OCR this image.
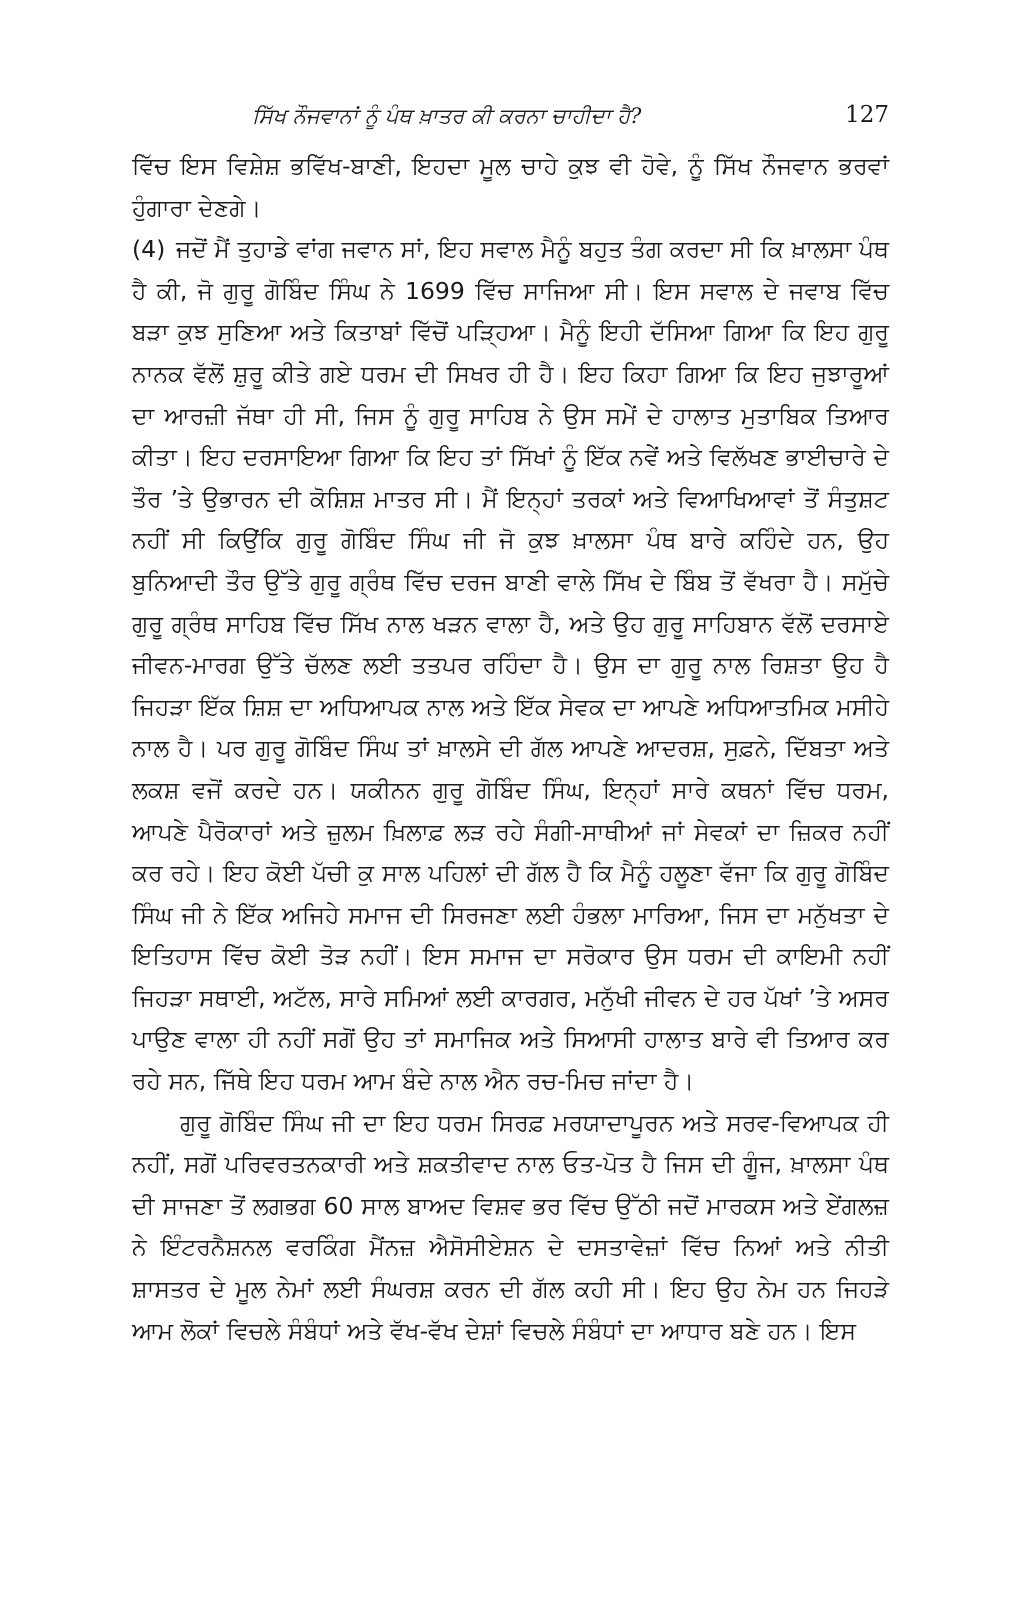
ਸਿੱਖ ਨੌਜਵਾਨਾਂ ਨੂੰ ਪੰਥ ਖ਼ਾਤਰ ਕੀ ਕਰਨਾ ਚਾਹੀਦਾ ਹੈ?	127

ਵਿੱਚ ਇਸ ਵਿਸ਼ੇਸ਼ ਭਵਿੱਖ-ਬਾਣੀ, ਇਹਦਾ ਮੂਲ ਚਾਹੇ ਕੁਝ ਵੀ ਹੋਵੇ, ਨੂੰ ਸਿੱਖ ਨੌਜਵਾਨ ਭਰਵਾਂ ਹੁੰਗਾਰਾ ਦੇਣਗੇ।

(4) ਜਦੋਂ ਮੈਂ ਤੁਹਾਡੇ ਵਾਂਗ ਜਵਾਨ ਸਾਂ, ਇਹ ਸਵਾਲ ਮੈਨੂੰ ਬਹੁਤ ਤੰਗ ਕਰਦਾ ਸੀ ਕਿ ਖ਼ਾਲਸਾ ਪੰਥ ਹੈ ਕੀ, ਜੋ ਗੁਰੂ ਗੋਬਿੰਦ ਸਿੰਘ ਨੇ 1699 ਵਿੱਚ ਸਾਜਿਆ ਸੀ। ਇਸ ਸਵਾਲ ਦੇ ਜਵਾਬ ਵਿੱਚ ਬੜਾ ਕੁਝ ਸੁਣਿਆ ਅਤੇ ਕਿਤਾਬਾਂ ਵਿੱਚੋਂ ਪੜ੍ਹਿਆ। ਮੈਨੂੰ ਇਹੀ ਦੱਸਿਆ ਗਿਆ ਕਿ ਇਹ ਗੁਰੂ ਨਾਨਕ ਵੱਲੋਂ ਸ਼ੁਰੂ ਕੀਤੇ ਗਏ ਧਰਮ ਦੀ ਸਿਖਰ ਹੀ ਹੈ। ਇਹ ਕਿਹਾ ਗਿਆ ਕਿ ਇਹ ਜੁਝਾਰੂਆਂ ਦਾ ਆਰਜ਼ੀ ਜੱਥਾ ਹੀ ਸੀ, ਜਿਸ ਨੂੰ ਗੁਰੂ ਸਾਹਿਬ ਨੇ ਉਸ ਸਮੇਂ ਦੇ ਹਾਲਾਤ ਮੁਤਾਬਿਕ ਤਿਆਰ ਕੀਤਾ। ਇਹ ਦਰਸਾਇਆ ਗਿਆ ਕਿ ਇਹ ਤਾਂ ਸਿੱਖਾਂ ਨੂੰ ਇੱਕ ਨਵੇਂ ਅਤੇ ਵਿਲੱਖਣ ਭਾਈਚਾਰੇ ਦੇ ਤੌਰ ’ਤੇ ਉਭਾਰਨ ਦੀ ਕੋਸ਼ਿਸ਼ ਮਾਤਰ ਸੀ। ਮੈਂ ਇਨ੍ਹਾਂ ਤਰਕਾਂ ਅਤੇ ਵਿਆਖਿਆਵਾਂ ਤੋਂ ਸੰਤੁਸ਼ਟ ਨਹੀਂ ਸੀ ਕਿਉਂਕਿ ਗੁਰੂ ਗੋਬਿੰਦ ਸਿੰਘ ਜੀ ਜੋ ਕੁਝ ਖ਼ਾਲਸਾ ਪੰਥ ਬਾਰੇ ਕਹਿੰਦੇ ਹਨ, ਉਹ ਬੁਨਿਆਦੀ ਤੌਰ ਉੱਤੇ ਗੁਰੂ ਗ੍ਰੰਥ ਵਿੱਚ ਦਰਜ ਬਾਣੀ ਵਾਲੇ ਸਿੱਖ ਦੇ ਬਿੰਬ ਤੋਂ ਵੱਖਰਾ ਹੈ। ਸਮੁੱਚੇ ਗੁਰੂ ਗ੍ਰੰਥ ਸਾਹਿਬ ਵਿੱਚ ਸਿੱਖ ਨਾਲ ਖੜਨ ਵਾਲਾ ਹੈ, ਅਤੇ ਉਹ ਗੁਰੂ ਸਾਹਿਬਾਨ ਵੱਲੋਂ ਦਰਸਾਏ ਜੀਵਨ-ਮਾਰਗ ਉੱਤੇ ਚੱਲਣ ਲਈ ਤਤਪਰ ਰਹਿੰਦਾ ਹੈ। ਉਸ ਦਾ ਗੁਰੂ ਨਾਲ ਰਿਸ਼ਤਾ ਉਹ ਹੈ ਜਿਹੜਾ ਇੱਕ ਸ਼ਿਸ਼ ਦਾ ਅਧਿਆਪਕ ਨਾਲ ਅਤੇ ਇੱਕ ਸੇਵਕ ਦਾ ਆਪਣੇ ਅਧਿਆਤਮਿਕ ਮਸੀਹੇ ਨਾਲ ਹੈ। ਪਰ ਗੁਰੂ ਗੋਬਿੰਦ ਸਿੰਘ ਤਾਂ ਖ਼ਾਲਸੇ ਦੀ ਗੱਲ ਆਪਣੇ ਆਦਰਸ਼, ਸੁਫ਼ਨੇ, ਦਿੱਬਤਾ ਅਤੇ ਲਕਸ਼ ਵਜੋਂ ਕਰਦੇ ਹਨ। ਯਕੀਨਨ ਗੁਰੂ ਗੋਬਿੰਦ ਸਿੰਘ, ਇਨ੍ਹਾਂ ਸਾਰੇ ਕਥਨਾਂ ਵਿੱਚ ਧਰਮ, ਆਪਣੇ ਪੈਰੋਕਾਰਾਂ ਅਤੇ ਜ਼ੁਲਮ ਖ਼ਿਲਾਫ਼ ਲੜ ਰਹੇ ਸੰਗੀ-ਸਾਥੀਆਂ ਜਾਂ ਸੇਵਕਾਂ ਦਾ ਜ਼ਿਕਰ ਨਹੀਂ ਕਰ ਰਹੇ। ਇਹ ਕੋਈ ਪੱਚੀ ਕੁ ਸਾਲ ਪਹਿਲਾਂ ਦੀ ਗੱਲ ਹੈ ਕਿ ਮੈਨੂੰ ਹਲੂਣਾ ਵੱਜਾ ਕਿ ਗੁਰੂ ਗੋਬਿੰਦ ਸਿੰਘ ਜੀ ਨੇ ਇੱਕ ਅਜਿਹੇ ਸਮਾਜ ਦੀ ਸਿਰਜਣਾ ਲਈ ਹੰਭਲਾ ਮਾਰਿਆ, ਜਿਸ ਦਾ ਮਨੁੱਖਤਾ ਦੇ ਇਤਿਹਾਸ ਵਿੱਚ ਕੋਈ ਤੋੜ ਨਹੀਂ। ਇਸ ਸਮਾਜ ਦਾ ਸਰੋਕਾਰ ਉਸ ਧਰਮ ਦੀ ਕਾਇਮੀ ਨਹੀਂ ਜਿਹੜਾ ਸਥਾਈ, ਅਟੱਲ, ਸਾਰੇ ਸਮਿਆਂ ਲਈ ਕਾਰਗਰ, ਮਨੁੱਖੀ ਜੀਵਨ ਦੇ ਹਰ ਪੱਖਾਂ ’ਤੇ ਅਸਰ ਪਾਉਣ ਵਾਲਾ ਹੀ ਨਹੀਂ ਸਗੋਂ ਉਹ ਤਾਂ ਸਮਾਜਿਕ ਅਤੇ ਸਿਆਸੀ ਹਾਲਾਤ ਬਾਰੇ ਵੀ ਤਿਆਰ ਕਰ ਰਹੇ ਸਨ, ਜਿੱਥੇ ਇਹ ਧਰਮ ਆਮ ਬੰਦੇ ਨਾਲ ਐਨ ਰਚ-ਮਿਚ ਜਾਂਦਾ ਹੈ।

ਗੁਰੂ ਗੋਬਿੰਦ ਸਿੰਘ ਜੀ ਦਾ ਇਹ ਧਰਮ ਸਿਰਫ਼ ਮਰਯਾਦਾਪੂਰਨ ਅਤੇ ਸਰਵ-ਵਿਆਪਕ ਹੀ ਨਹੀਂ, ਸਗੋਂ ਪਰਿਵਰਤਨਕਾਰੀ ਅਤੇ ਸ਼ਕਤੀਵਾਦ ਨਾਲ ਓਤ-ਪੋਤ ਹੈ ਜਿਸ ਦੀ ਗੂੰਜ, ਖ਼ਾਲਸਾ ਪੰਥ ਦੀ ਸਾਜਣਾ ਤੋਂ ਲਗਭਗ 60 ਸਾਲ ਬਾਅਦ ਵਿਸ਼ਵ ਭਰ ਵਿੱਚ ਉੱਠੀ ਜਦੋਂ ਮਾਰਕਸ ਅਤੇ ਏਂਗਲਜ਼ ਨੇ ਇੰਟਰਨੈਸ਼ਨਲ ਵਰਕਿੰਗ ਮੈਂਨਜ਼ ਐਸੋਸੀਏਸ਼ਨ ਦੇ ਦਸਤਾਵੇਜ਼ਾਂ ਵਿੱਚ ਨਿਆਂ ਅਤੇ ਨੀਤੀ ਸ਼ਾਸਤਰ ਦੇ ਮੂਲ ਨੇਮਾਂ ਲਈ ਸੰਘਰਸ਼ ਕਰਨ ਦੀ ਗੱਲ ਕਹੀ ਸੀ। ਇਹ ਉਹ ਨੇਮ ਹਨ ਜਿਹੜੇ ਆਮ ਲੋਕਾਂ ਵਿਚਲੇ ਸੰਬੰਧਾਂ ਅਤੇ ਵੱਖ-ਵੱਖ ਦੇਸ਼ਾਂ ਵਿਚਲੇ ਸੰਬੰਧਾਂ ਦਾ ਆਧਾਰ ਬਣੇ ਹਨ। ਇਸ
